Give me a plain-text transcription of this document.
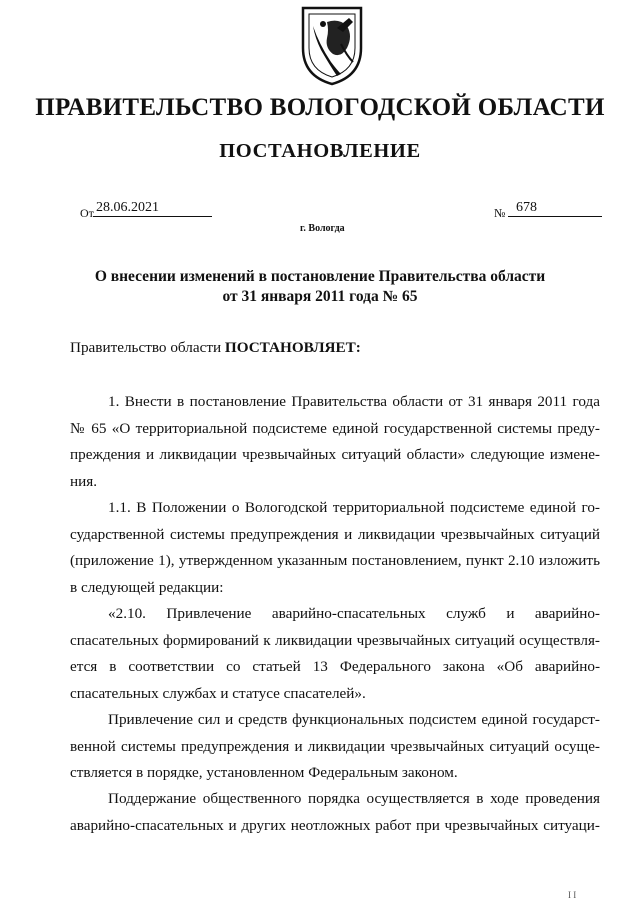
ПРАВИТЕЛЬСТВО ВОЛОГОДСКОЙ ОБЛАСТИ
ПОСТАНОВЛЕНИЕ
От 28.06.2021	№ 678
г. Вологда
О внесении изменений в постановление Правительства области
от 31 января 2011 года № 65
Правительство области ПОСТАНОВЛЯЕТ:
1. Внести в постановление Правительства области от 31 января 2011 года
№ 65 «О территориальной подсистеме единой государственной системы преду-
преждения и ликвидации чрезвычайных ситуаций области» следующие измене-
ния.
1.1. В Положении о Вологодской территориальной подсистеме единой го-
сударственной системы предупреждения и ликвидации чрезвычайных ситуаций
(приложение 1), утвержденном указанным постановлением, пункт 2.10 изложить
в следующей редакции:
«2.10.     Привлечение     аварийно-спасательных     служб     и     аварийно-
спасательных формирований к ликвидации чрезвычайных ситуаций осуществля-
ется в соответствии со статьей 13 Федерального закона «Об аварийно-
спасательных службах и статусе спасателей».
Привлечение сил и средств функциональных подсистем единой государст-
венной системы предупреждения и ликвидации чрезвычайных ситуаций осуще-
ствляется в порядке, установленном Федеральным законом.
Поддержание общественного порядка осуществляется в ходе проведения
аварийно-спасательных и других неотложных работ при чрезвычайных ситуаци-
I I
